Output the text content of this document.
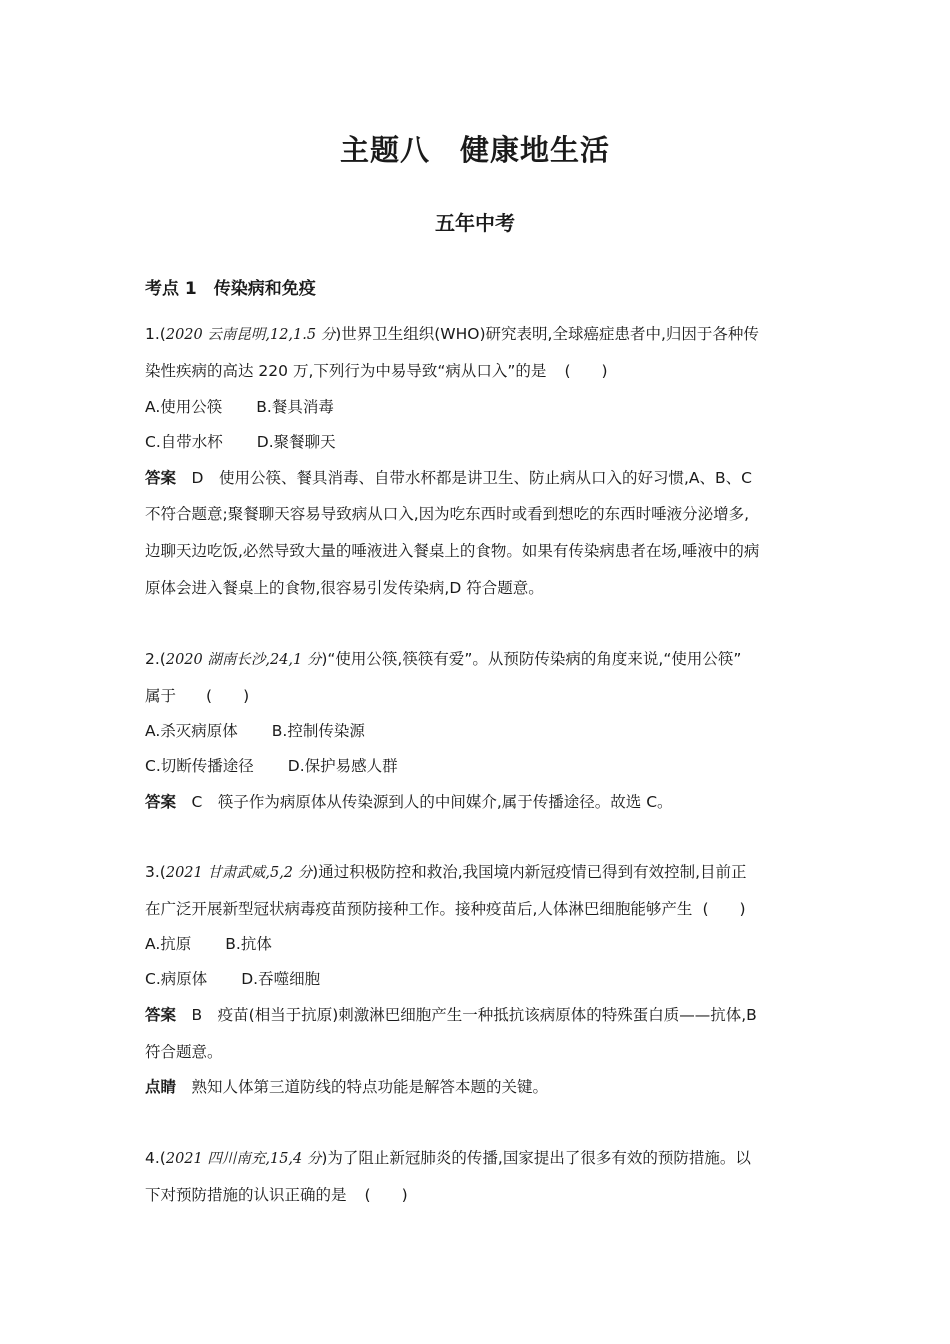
主题八　健康地生活
五年中考
考点 1　传染病和免疫
1.(2020 云南昆明,12,1.5 分)世界卫生组织(WHO)研究表明,全球癌症患者中,归因于各种传
染性疾病的高达 220 万,下列行为中易导致“病从口入”的是 (　　)
A.使用公筷 B.餐具消毒
C.自带水杯 D.聚餐聊天
答案　D　使用公筷、餐具消毒、自带水杯都是讲卫生、防止病从口入的好习惯,A、B、C
不符合题意;聚餐聊天容易导致病从口入,因为吃东西时或看到想吃的东西时唾液分泌增多,
边聊天边吃饭,必然导致大量的唾液进入餐桌上的食物。如果有传染病患者在场,唾液中的病
原体会进入餐桌上的食物,很容易引发传染病,D 符合题意。
2.(2020 湖南长沙,24,1 分)“使用公筷,筷筷有爱”。从预防传染病的角度来说,“使用公筷”
属于 (　　)
A.杀灭病原体 B.控制传染源
C.切断传播途径 D.保护易感人群
答案　C　筷子作为病原体从传染源到人的中间媒介,属于传播途径。故选 C。
3.(2021 甘肃武威,5,2 分)通过积极防控和救治,我国境内新冠疫情已得到有效控制,目前正
在广泛开展新型冠状病毒疫苗预防接种工作。接种疫苗后,人体淋巴细胞能够产生 (　　)
A.抗原 B.抗体
C.病原体 D.吞噬细胞
答案　B　疫苗(相当于抗原)刺激淋巴细胞产生一种抵抗该病原体的特殊蛋白质——抗体,B
符合题意。
点睛　熟知人体第三道防线的特点功能是解答本题的关键。
4.(2021 四川南充,15,4 分)为了阻止新冠肺炎的传播,国家提出了很多有效的预防措施。以
下对预防措施的认识正确的是 (　　)
